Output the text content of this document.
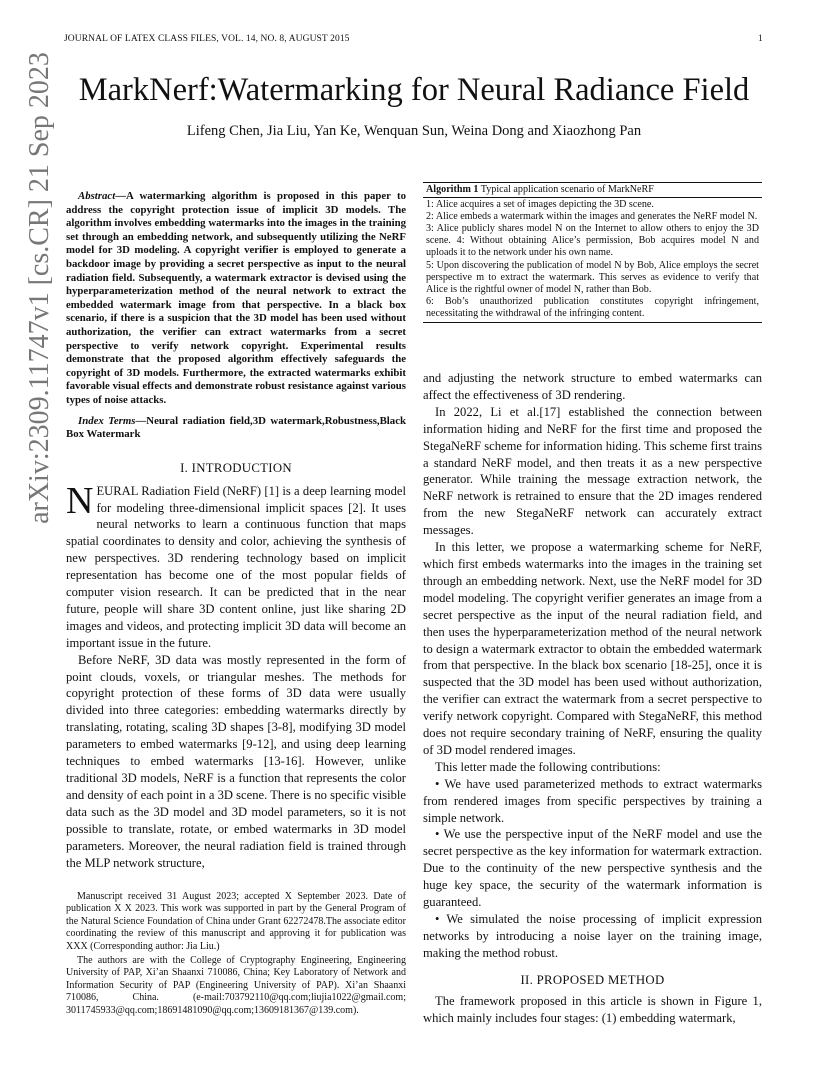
JOURNAL OF LATEX CLASS FILES, VOL. 14, NO. 8, AUGUST 2015	1
arXiv:2309.11747v1 [cs.CR] 21 Sep 2023 MarkNerf:Watermarking for Neural Radiance Field
Lifeng Chen, Jia Liu, Yan Ke, Wenquan Sun, Weina Dong and Xiaozhong Pan

Abstract—A watermarking algorithm is proposed in this paper to address the copyright protection issue of implicit 3D models. The algorithm involves embedding watermarks into the images in the training set through an embedding network, and subsequently utilizing the NeRF model for 3D modeling. A copyright verifier is employed to generate a backdoor image by providing a secret perspective as input to the neural radiation field. Subsequently, a watermark extractor is devised using the hyperparameterization method of the neural network to extract the embedded watermark image from that perspective. In a black box scenario, if there is a suspicion that the 3D model has been used without authorization, the verifier can extract watermarks from a secret perspective to verify network copyright. Experimental results demonstrate that the proposed algorithm effectively safeguards the copyright of 3D models. Furthermore, the extracted watermarks exhibit favorable visual effects and demonstrate robust resistance against various types of noise attacks.

Index Terms—Neural radiation field,3D watermark,Robustness,Black Box Watermark

I. INTRODUCTION

NEURAL Radiation Field (NeRF) [1] is a deep learning model for modeling three-dimensional implicit spaces [2]. It uses neural networks to learn a continuous function that maps spatial coordinates to density and color, achieving the synthesis of new perspectives. 3D rendering technology based on implicit representation has become one of the most popular fields of computer vision research. It can be predicted that in the near future, people will share 3D content online, just like sharing 2D images and videos, and protecting implicit 3D data will become an important issue in the future.

Before NeRF, 3D data was mostly represented in the form of point clouds, voxels, or triangular meshes. The methods for copyright protection of these forms of 3D data were usually divided into three categories: embedding watermarks directly by translating, rotating, scaling 3D shapes [3-8], modifying 3D model parameters to embed watermarks [9-12], and using deep learning techniques to embed watermarks [13-16]. However, unlike traditional 3D models, NeRF is a function that represents the color and density of each point in a 3D scene. There is no specific visible data such as the 3D model and 3D model parameters, so it is not possible to translate, rotate, or embed watermarks in 3D model parameters. Moreover, the neural radiation field is trained through the MLP network structure,

Manuscript received 31 August 2023; accepted X September 2023. Date of publication X X 2023. This work was supported in part by the General Program of the Natural Science Foundation of China under Grant 62272478.The associate editor coordinating the review of this manuscript and approving it for publication was XXX (Corresponding author: Jia Liu.)

The authors are with the College of Cryptography Engineering, Engineering University of PAP, Xi’an Shaanxi 710086, China; Key Laboratory of Network and Information Security of PAP (Engineering University of PAP). Xi’an Shaanxi 710086, China. (e-mail:703792110@qq.com;liujia1022@gmail.com; 3011745933@qq.com;18691481090@qq.com;13609181367@139.com).

Algorithm 1 Typical application scenario of MarkNeRF
1: Alice acquires a set of images depicting the 3D scene.
2: Alice embeds a watermark within the images and generates the NeRF model N.
3: Alice publicly shares model N on the Internet to allow others to enjoy the 3D scene. 4: Without obtaining Alice’s permission, Bob acquires model N and uploads it to the network under his own name.
5: Upon discovering the publication of model N by Bob, Alice employs the secret perspective m to extract the watermark. This serves as evidence to verify that Alice is the rightful owner of model N, rather than Bob.
6: Bob’s unauthorized publication constitutes copyright infringement, necessitating the withdrawal of the infringing content.

and adjusting the network structure to embed watermarks can affect the effectiveness of 3D rendering.

In 2022, Li et al.[17] established the connection between information hiding and NeRF for the first time and proposed the StegaNeRF scheme for information hiding. This scheme first trains a standard NeRF model, and then treats it as a new perspective generator. While training the message extraction network, the NeRF network is retrained to ensure that the 2D images rendered from the new StegaNeRF network can accurately extract messages.

In this letter, we propose a watermarking scheme for NeRF, which first embeds watermarks into the images in the training set through an embedding network. Next, use the NeRF model for 3D model modeling. The copyright verifier generates an image from a secret perspective as the input of the neural radiation field, and then uses the hyperparameterization method of the neural network to design a watermark extractor to obtain the embedded watermark from that perspective. In the black box scenario [18-25], once it is suspected that the 3D model has been used without authorization, the verifier can extract the watermark from a secret perspective to verify network copyright. Compared with StegaNeRF, this method does not require secondary training of NeRF, ensuring the quality of 3D model rendered images.

This letter made the following contributions:

• We have used parameterized methods to extract watermarks from rendered images from specific perspectives by training a simple network.

• We use the perspective input of the NeRF model and use the secret perspective as the key information for watermark extraction. Due to the continuity of the new perspective synthesis and the huge key space, the security of the watermark information is guaranteed.

• We simulated the noise processing of implicit expression networks by introducing a noise layer on the training image, making the method robust.

II. PROPOSED METHOD

The framework proposed in this article is shown in Figure 1, which mainly includes four stages: (1) embedding watermark,
